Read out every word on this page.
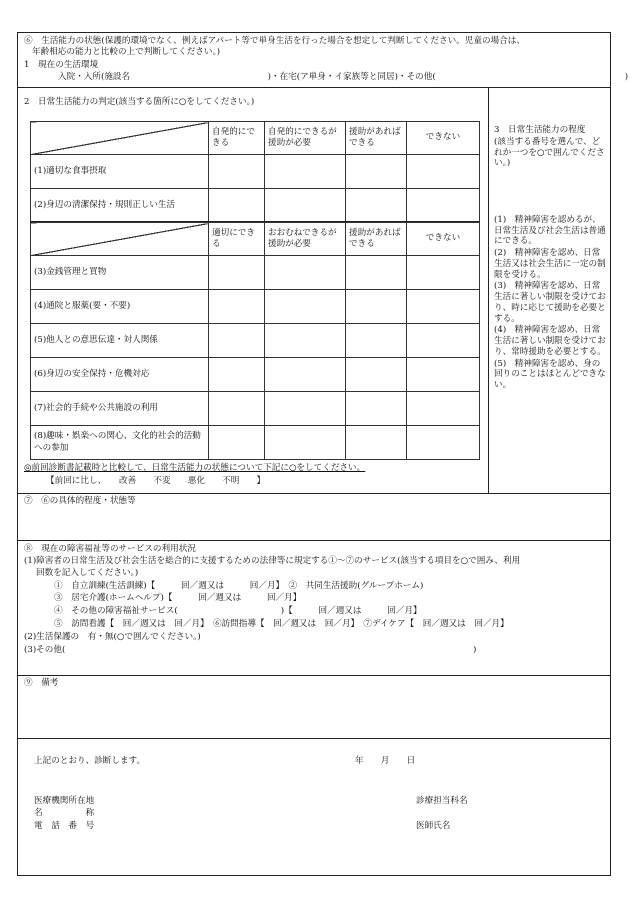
⑥　生活能力の状態(保護的環境でなく、例えばアパート等で単身生活を行った場合を想定して判断してください。児童の場合は、
年齢相応の能力と比較の上で判断してください。)
1　現在の生活環境
入院・入所(施設名　　　　　　　　　　　　　　　　)・在宅(ア単身・イ家族等と同居)・その他(　　　　　　　　　　　　　　　　　　　　　　)
2　日常生活能力の判定(該当する箇所に○をしてください。)
	自発的にできる	自発的にできるが援助が必要	援助があればできる	できない
(1)適切な食事摂取				
(2)身辺の清潔保持・規則正しい生活				
	適切にできる	おおむねできるが援助が必要	援助があればできる	できない
(3)金銭管理と買物				
(4)通院と服薬(要・不要)				
(5)他人との意思伝達・対人関係				
(6)身辺の安全保持・危機対応				
(7)社会的手続や公共施設の利用				
(8)趣味・娯楽への関心、文化的社会的活動への参加				
◎前回診断書記載時と比較して、日常生活能力の状態について下記に○をしてください。
【前回に比し、　　改善　　不変　　悪化　　不明　　】
3　日常生活能力の程度
(該当する番号を選んで、どれか一つを○で囲んでください。)
(1)　精神障害を認めるが、日常生活及び社会生活は普通にできる。
(2)　精神障害を認め、日常生活又は社会生活に一定の制限を受ける。
(3)　精神障害を認め、日常生活に著しい制限を受けており、時に応じて援助を必要とする。
(4)　精神障害を認め、日常生活に著しい制限を受けており、常時援助を必要とする。
(5)　精神障害を認め、身の回りのことはほとんどできない。
⑦　⑥の具体的程度・状態等
⑧　現在の障害福祉等のサービスの利用状況
(1)障害者の日常生活及び社会生活を総合的に支援するための法律等に規定する①～⑦のサービス(該当する項目を○で囲み、利用
回数を記入してください。)
①　自立訓練(生活訓練)【　　　回／週又は　　　回／月】　②　共同生活援助(グループホーム)
③　居宅介護(ホームヘルプ)【　　　回／週又は　　　回／月】
④　その他の障害福祉サービス(　　　　　　　　　　　　)【　　　回／週又は　　　回／月】
⑤　訪問看護【　回／週又は　回／月】　⑥訪問指導【　回／週又は　回／月】　⑦デイケア【　回／週又は　回／月】
(2)生活保護の　有・無(○で囲んでください。)
(3)その他(	)
⑨　備考
上記のとおり、診断します。	年　　月　　日
医療機関所在地
名　　　　　称
電　話　番　号
診療担当科名
医師氏名
